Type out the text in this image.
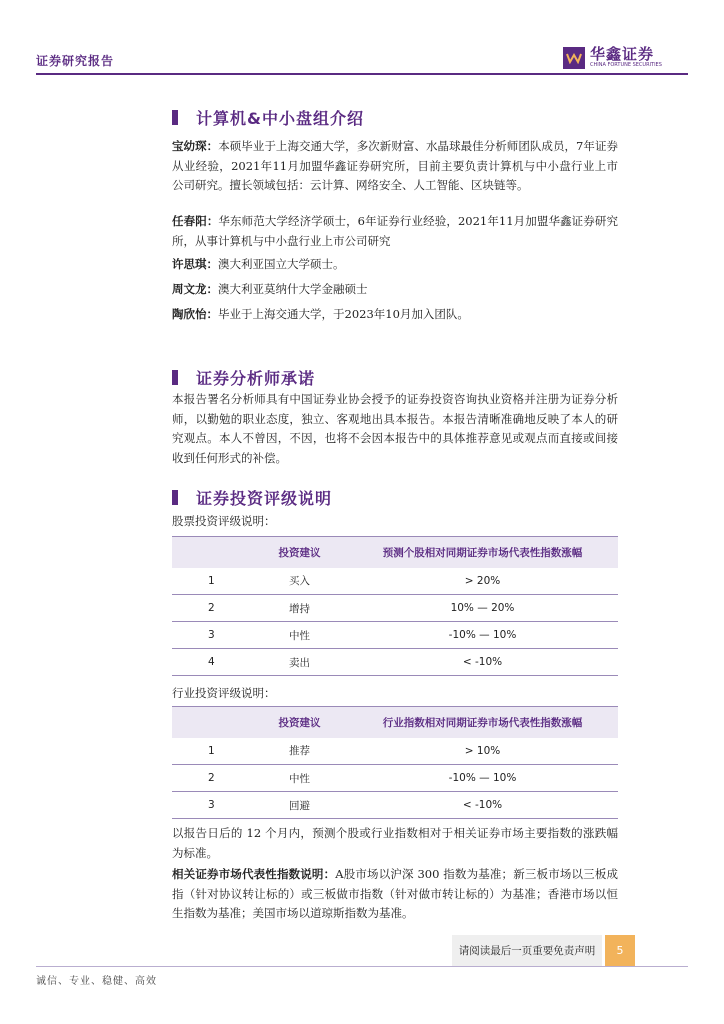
证券研究报告	华鑫证券
CHINA FORTUNE SECURITIES
计算机&中小盘组介绍

宝幼琛：本硕毕业于上海交通大学，多次新财富、水晶球最佳分析师团队成员，7年证券从业经验，2021年11月加盟华鑫证券研究所，目前主要负责计算机与中小盘行业上市公司研究。擅长领域包括：云计算、网络安全、人工智能、区块链等。

任春阳：华东师范大学经济学硕士，6年证券行业经验，2021年11月加盟华鑫证券研究所，从事计算机与中小盘行业上市公司研究

许思琪：澳大利亚国立大学硕士。

周文龙：澳大利亚莫纳什大学金融硕士

陶欣怡：毕业于上海交通大学，于2023年10月加入团队。

证券分析师承诺

本报告署名分析师具有中国证券业协会授予的证券投资咨询执业资格并注册为证券分析师，以勤勉的职业态度，独立、客观地出具本报告。本报告清晰准确地反映了本人的研究观点。本人不曾因，不因，也将不会因本报告中的具体推荐意见或观点而直接或间接收到任何形式的补偿。

证券投资评级说明
股票投资评级说明：
	投资建议	预测个股相对同期证券市场代表性指数涨幅
1	买入	> 20%
2	增持	10% — 20%
3	中性	-10% — 10%
4	卖出	< -10%
行业投资评级说明：
	投资建议	行业指数相对同期证券市场代表性指数涨幅
1	推荐	> 10%
2	中性	-10% — 10%
3	回避	< -10%

以报告日后的 12 个月内，预测个股或行业指数相对于相关证券市场主要指数的涨跌幅为标准。

相关证券市场代表性指数说明：A股市场以沪深 300 指数为基准；新三板市场以三板成指（针对协议转让标的）或三板做市指数（针对做市转让标的）为基准；香港市场以恒生指数为基准；美国市场以道琼斯指数为基准。

请阅读最后一页重要免责声明	5
诚信、专业、稳健、高效
